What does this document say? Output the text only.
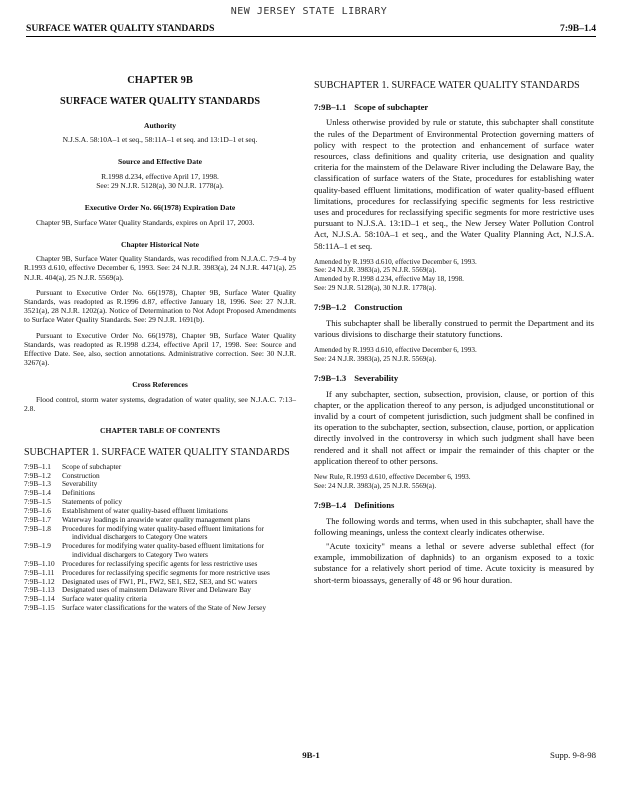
NEW JERSEY STATE LIBRARY
SURFACE WATER QUALITY STANDARDS	7:9B–1.4

CHAPTER 9B
SURFACE WATER QUALITY STANDARDS
Authority

N.J.S.A. 58:10A–1 et seq., 58:11A–1 et seq. and 13:1D–1 et seq.

Source and Effective Date

R.1998 d.234, effective April 17, 1998.

See: 29 N.J.R. 5128(a), 30 N.J.R. 1778(a).

Executive Order No. 66(1978) Expiration Date

Chapter 9B, Surface Water Quality Standards, expires on April 17, 2003.

Chapter Historical Note

Chapter 9B, Surface Water Quality Standards, was recodified from N.J.A.C. 7:9–4 by R.1993 d.610, effective December 6, 1993. See: 24 N.J.R. 3983(a), 24 N.J.R. 4471(a), 25 N.J.R. 404(a), 25 N.J.R. 5569(a).

Pursuant to Executive Order No. 66(1978), Chapter 9B, Surface Water Quality Standards, was readopted as R.1996 d.87, effective January 18, 1996. See: 27 N.J.R. 3521(a), 28 N.J.R. 1202(a). Notice of Determination to Not Adopt Proposed Amendments to Surface Water Quality Standards. See: 29 N.J.R. 1691(b).

Pursuant to Executive Order No. 66(1978), Chapter 9B, Surface Water Quality Standards, was readopted as R.1998 d.234, effective April 17, 1998. See: Source and Effective Date. See, also, section annotations. Administrative correction. See: 30 N.J.R. 3267(a).

Cross References

Flood control, storm water systems, degradation of water quality, see N.J.A.C. 7:13–2.8.

CHAPTER TABLE OF CONTENTS
SUBCHAPTER 1. SURFACE WATER QUALITY STANDARDS
7:9B–1.1	Scope of subchapter
7:9B–1.2	Construction
7:9B–1.3	Severability
7:9B–1.4	Definitions
7:9B–1.5	Statements of policy
7:9B–1.6	Establishment of water quality-based effluent limitations
7:9B–1.7	Waterway loadings in areawide water quality management plans
7:9B–1.8	Procedures for modifying water quality-based effluent limitations for individual dischargers to Category One waters
7:9B–1.9	Procedures for modifying water quality-based effluent limitations for individual dischargers to Category Two waters
7:9B–1.10	Procedures for reclassifying specific agents for less restrictive uses
7:9B–1.11	Procedures for reclassifying specific segments for more restrictive uses
7:9B–1.12	Designated uses of FW1, PL, FW2, SE1, SE2, SE3, and SC waters
7:9B–1.13	Designated uses of mainstem Delaware River and Delaware Bay
7:9B–1.14	Surface water quality criteria
7:9B–1.15	Surface water classifications for the waters of the State of New Jersey
SUBCHAPTER 1. SURFACE WATER QUALITY STANDARDS
7:9B–1.1 Scope of subchapter

Unless otherwise provided by rule or statute, this subchapter shall constitute the rules of the Department of Environmental Protection governing matters of policy with respect to the protection and enhancement of surface water resources, class definitions and quality criteria, use designation and quality criteria for the mainstem of the Delaware River including the Delaware Bay, the classification of surface waters of the State, procedures for establishing water quality-based effluent limitations, modification of water quality-based effluent limitations, procedures for reclassifying specific segments for less restrictive uses and procedures for reclassifying specific segments for more restrictive uses pursuant to N.J.S.A. 13:1D–1 et seq., the New Jersey Water Pollution Control Act, N.J.S.A. 58:10A–1 et seq., and the Water Quality Planning Act, N.J.S.A. 58:11A–1 et seq.

Amended by R.1993 d.610, effective December 6, 1993.
See: 24 N.J.R. 3983(a), 25 N.J.R. 5569(a).
Amended by R.1998 d.234, effective May 18, 1998.
See: 29 N.J.R. 5128(a), 30 N.J.R. 1778(a).

7:9B–1.2 Construction

This subchapter shall be liberally construed to permit the Department and its various divisions to discharge their statutory functions.

Amended by R.1993 d.610, effective December 6, 1993.
See: 24 N.J.R. 3983(a), 25 N.J.R. 5569(a).

7:9B–1.3 Severability

If any subchapter, section, subsection, provision, clause, or portion of this chapter, or the application thereof to any person, is adjudged unconstitutional or invalid by a court of competent jurisdiction, such judgment shall be confined in its operation to the subchapter, section, subsection, clause, portion, or application directly involved in the controversy in which such judgment shall have been rendered and it shall not affect or impair the remainder of this chapter or the application thereof to other persons.

New Rule, R.1993 d.610, effective December 6, 1993.
See: 24 N.J.R. 3983(a), 25 N.J.R. 5569(a).

7:9B–1.4 Definitions

The following words and terms, when used in this subchapter, shall have the following meanings, unless the context clearly indicates otherwise.

"Acute toxicity" means a lethal or severe adverse sublethal effect (for example, immobilization of daphnids) to an organism exposed to a toxic substance for a relatively short period of time. Acute toxicity is measured by short-term bioassays, generally of 48 or 96 hour duration.

9B-1	Supp. 9-8-98
